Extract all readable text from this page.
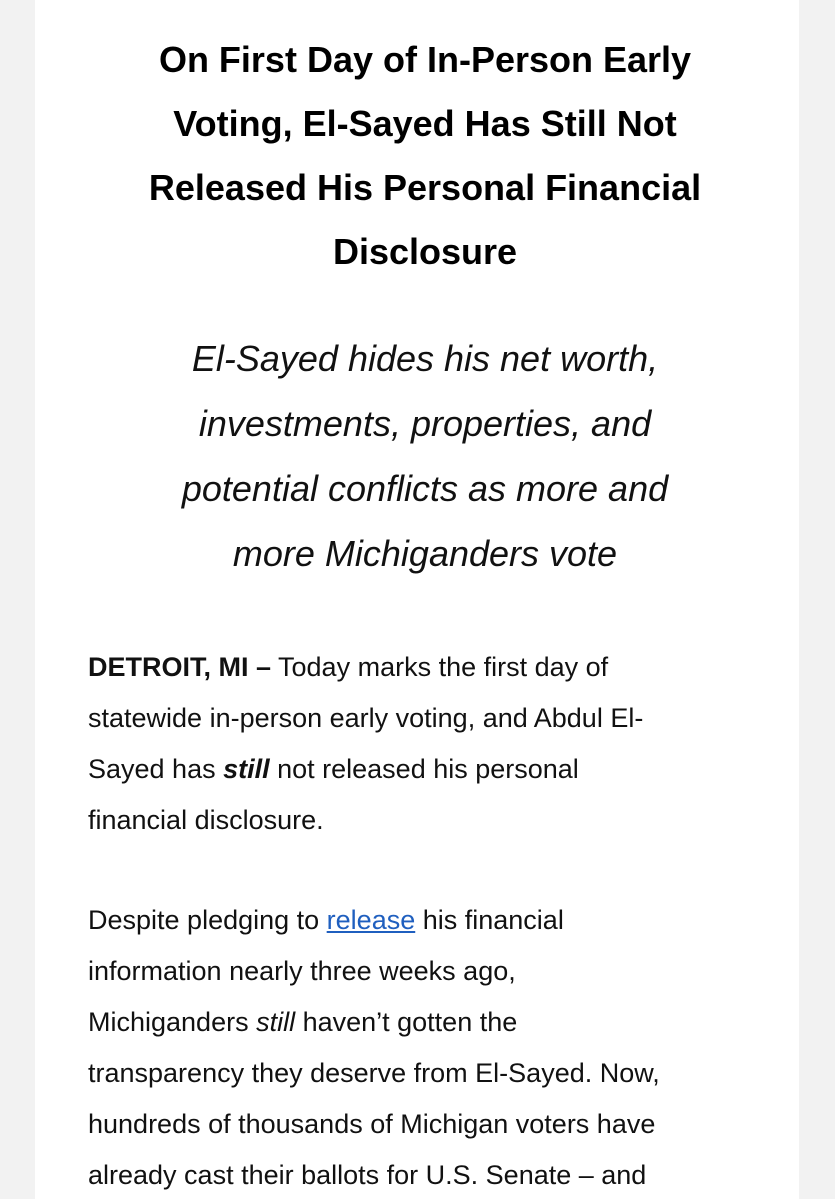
On First Day of In-Person Early
Voting, El-Sayed Has Still Not
Released His Personal Financial
Disclosure
El-Sayed hides his net worth,
investments, properties, and
potential conflicts as more and
more Michiganders vote

DETROIT, MI – Today marks the first day of
statewide in-person early voting, and Abdul El-
Sayed has still not released his personal
financial disclosure.

Despite pledging to release his financial
information nearly three weeks ago,
Michiganders still haven’t gotten the
transparency they deserve from El-Sayed. Now,
hundreds of thousands of Michigan voters have
already cast their ballots for U.S. Senate – and
